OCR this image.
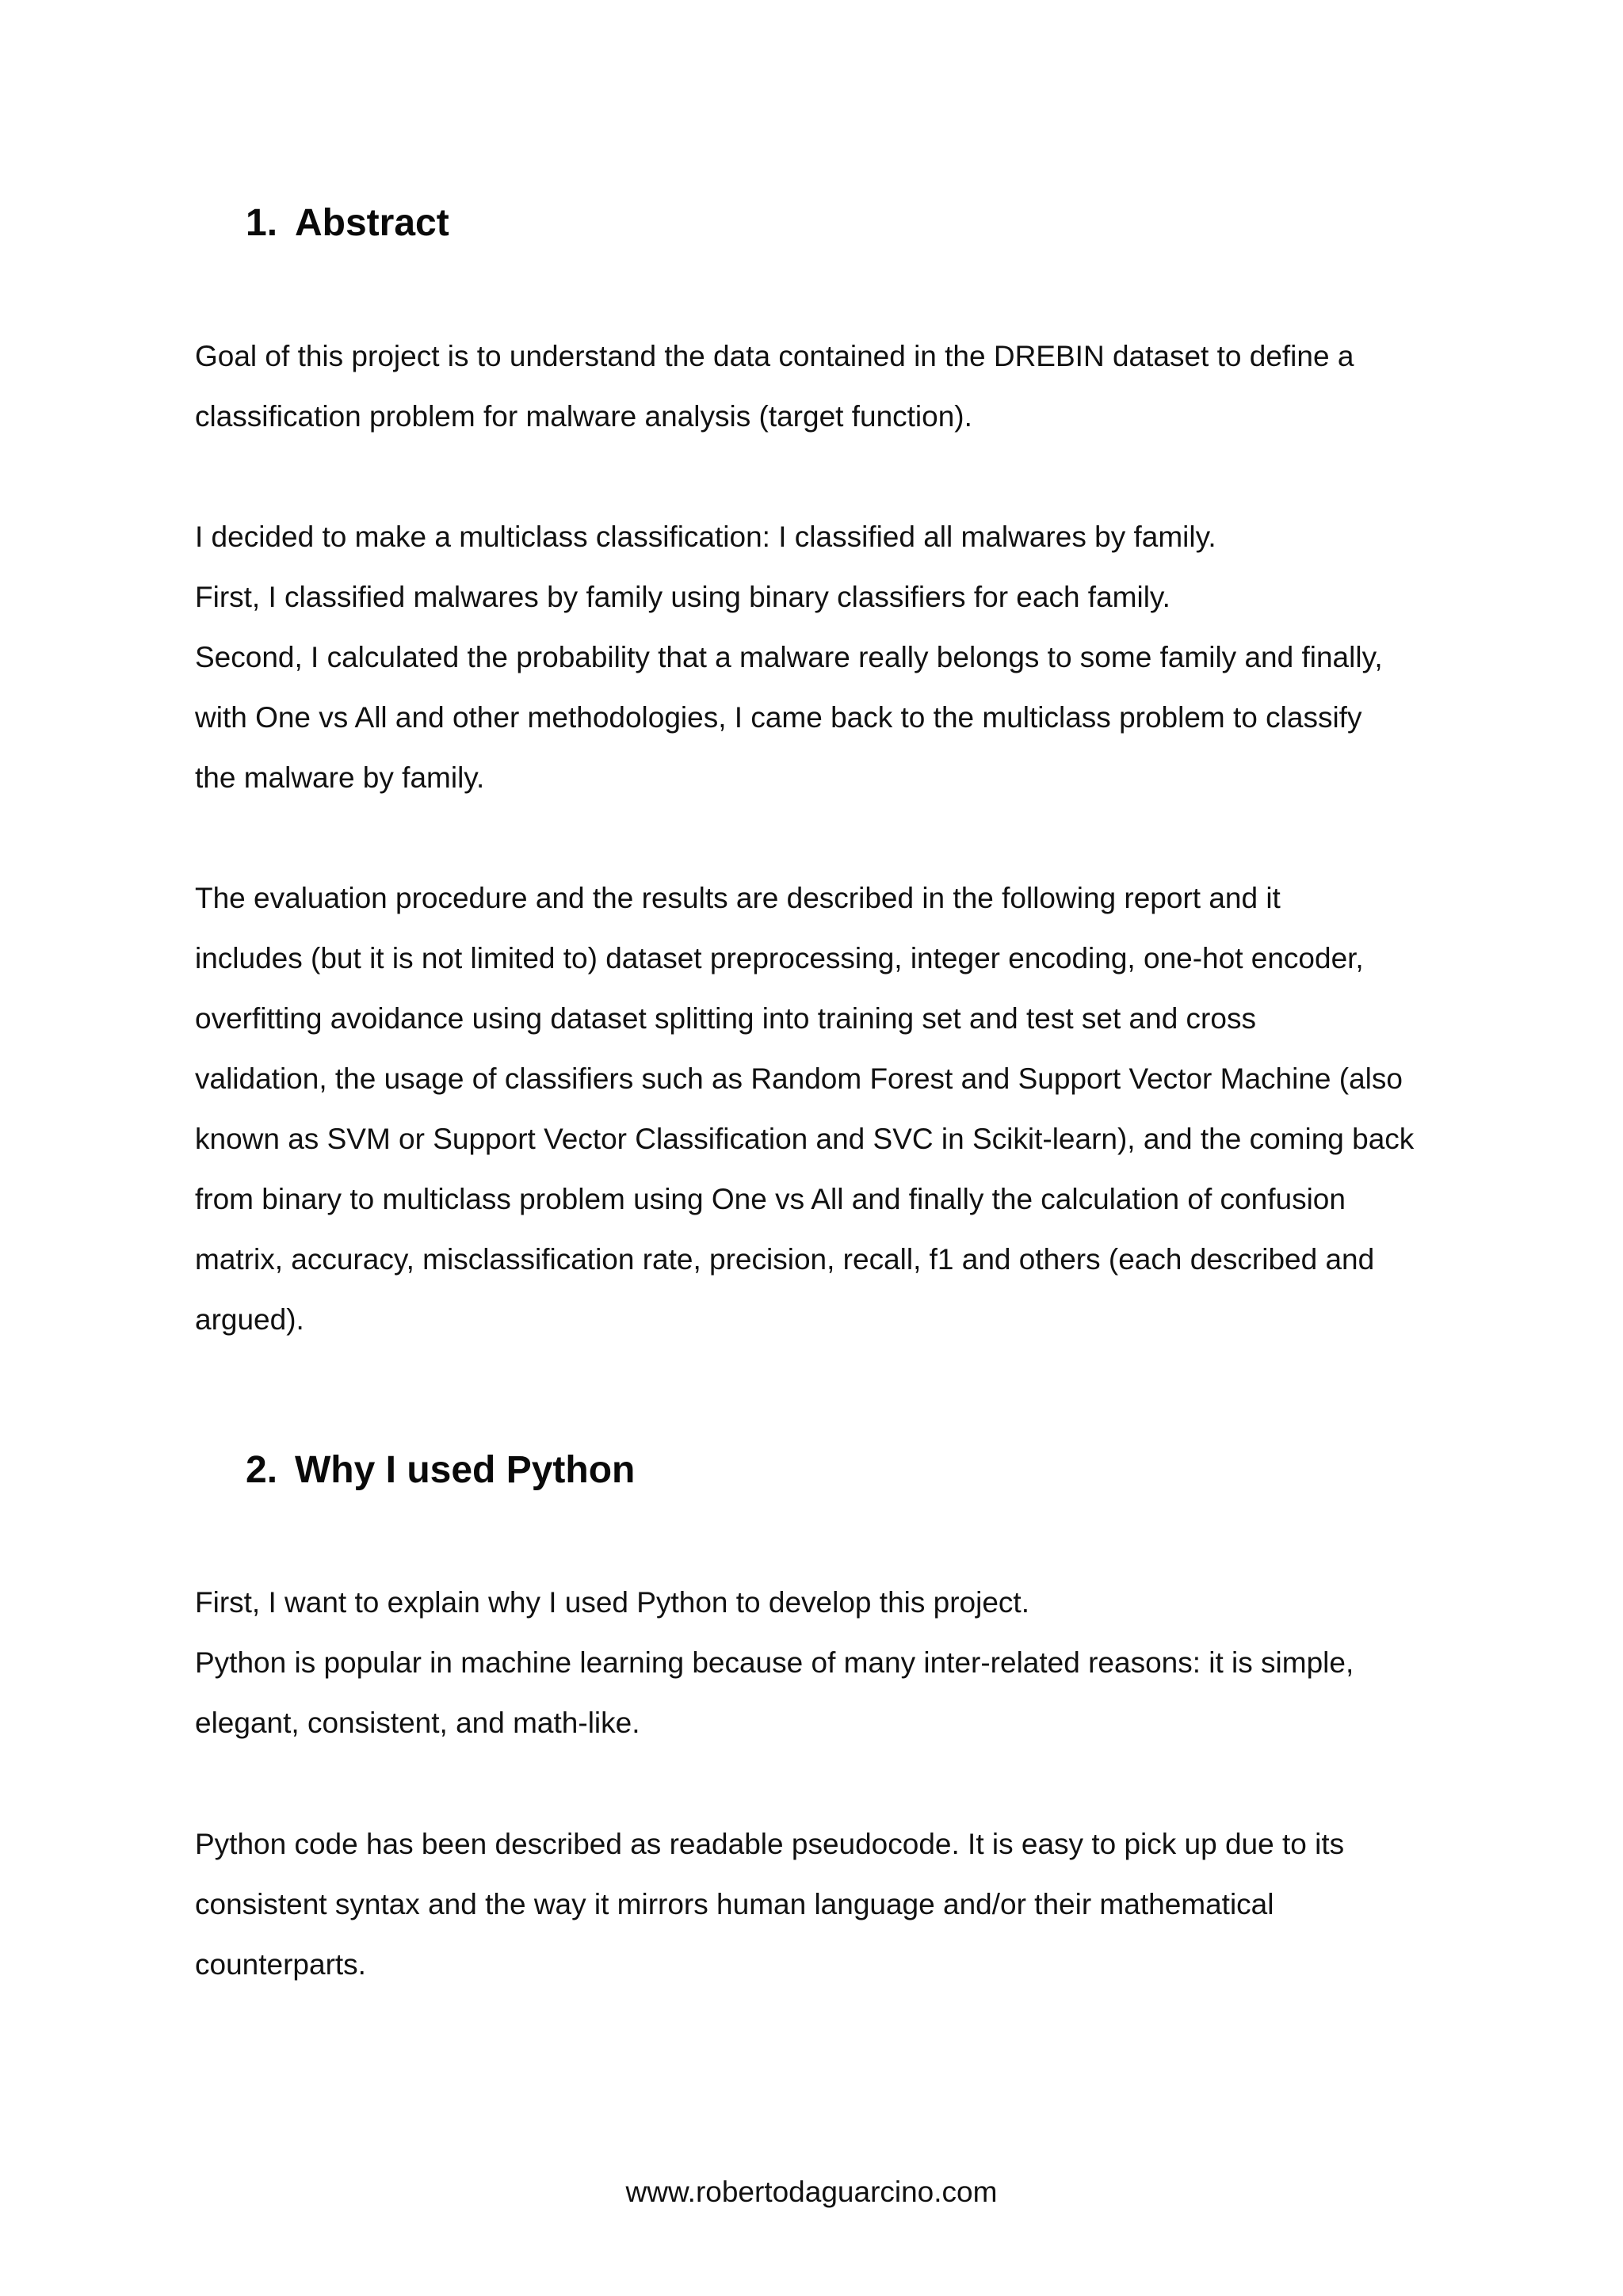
1. Abstract

Goal of this project is to understand the data contained in the DREBIN dataset to define a

classification problem for malware analysis (target function).

I decided to make a multiclass classification: I classified all malwares by family.

First, I classified malwares by family using binary classifiers for each family.

Second, I calculated the probability that a malware really belongs to some family and finally,

with One vs All and other methodologies, I came back to the multiclass problem to classify

the malware by family.

The evaluation procedure and the results are described in the following report and it

includes (but it is not limited to) dataset preprocessing, integer encoding, one-hot encoder,

overfitting avoidance using dataset splitting into training set and test set and cross

validation, the usage of classifiers such as Random Forest and Support Vector Machine (also

known as SVM or Support Vector Classification and SVC in Scikit-learn), and the coming back

from binary to multiclass problem using One vs All and finally the calculation of confusion

matrix, accuracy, misclassification rate, precision, recall, f1 and others (each described and

argued).

2. Why I used Python

First, I want to explain why I used Python to develop this project.

Python is popular in machine learning because of many inter-related reasons: it is simple,

elegant, consistent, and math-like.

Python code has been described as readable pseudocode. It is easy to pick up due to its

consistent syntax and the way it mirrors human language and/or their mathematical

counterparts.

www.robertodaguarcino.com
